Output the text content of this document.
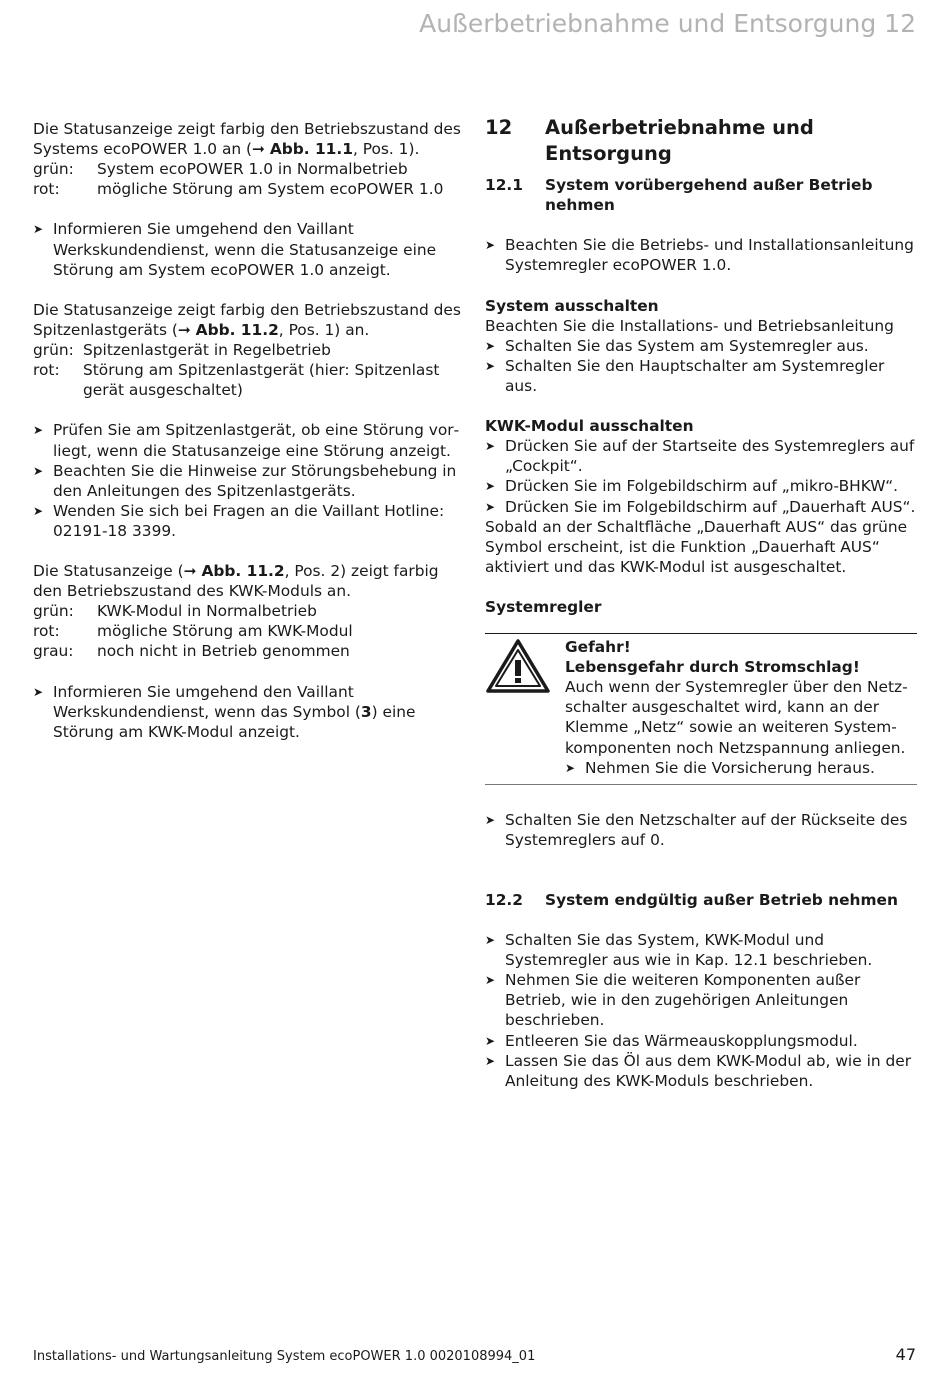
Außerbetriebnahme und Entsorgung 12

Die Statusanzeige zeigt farbig den Betriebszustand des Systems ecoPOWER 1.0 an (➞ Abb. 11.1, Pos. 1).

grün:	System ecoPOWER 1.0 in Normalbetrieb
rot:	mögliche Störung am System ecoPOWER 1.0
➤ Informieren Sie umgehend den Vaillant Werkskundendienst, wenn die Statusanzeige eine Störung am System ecoPOWER 1.0 anzeigt.

Die Statusanzeige zeigt farbig den Betriebszustand des Spitzenlastgeräts (➞ Abb. 11.2, Pos. 1) an.

grün: Spitzenlastgerät in Regelbetrieb
rot:	Störung am Spitzenlastgerät (hier: Spitzenlast gerät ausgeschaltet)
➤ Prüfen Sie am Spitzenlastgerät, ob eine Störung vorliegt, wenn die Statusanzeige eine Störung anzeigt.
➤ Beachten Sie die Hinweise zur Störungsbehebung in den Anleitungen des Spitzenlastgeräts.
➤ Wenden Sie sich bei Fragen an die Vaillant Hotline: 02191-18 3399.

Die Statusanzeige (➞ Abb. 11.2, Pos. 2) zeigt farbig den Betriebszustand des KWK-Moduls an.

grün:	KWK-Modul in Normalbetrieb
rot:	mögliche Störung am KWK-Modul
grau:	noch nicht in Betrieb genommen
➤ Informieren Sie umgehend den Vaillant Werkskundendienst, wenn das Symbol (3) eine Störung am KWK-Modul anzeigt.
12	Außerbetriebnahme und Entsorgung
12.1	System vorübergehend außer Betrieb nehmen
➤ Beachten Sie die Betriebs- und Installationsanleitung Systemregler ecoPOWER 1.0.

System ausschalten

Beachten Sie die Installations- und Betriebsanleitung

➤ Schalten Sie das System am Systemregler aus.
➤ Schalten Sie den Hauptschalter am Systemregler aus.

KWK-Modul ausschalten

➤ Drücken Sie auf der Startseite des Systemreglers auf „Cockpit“.
➤ Drücken Sie im Folgebildschirm auf „mikro-BHKW“.
➤ Drücken Sie im Folgebildschirm auf „Dauerhaft AUS“.

Sobald an der Schaltfläche „Dauerhaft AUS“ das grüne Symbol erscheint, ist die Funktion „Dauerhaft AUS“ aktiviert und das KWK-Modul ist ausgeschaltet.

Systemregler

Gefahr!

Lebensgefahr durch Stromschlag!

Auch wenn der Systemregler über den Netzschalter ausgeschaltet wird, kann an der Klemme „Netz“ sowie an weiteren Systemkomponenten noch Netzspannung anliegen.

➤ Nehmen Sie die Vorsicherung heraus.
➤ Schalten Sie den Netzschalter auf der Rückseite des Systemreglers auf 0.
12.2	System endgültig außer Betrieb nehmen
➤ Schalten Sie das System, KWK-Modul und Systemregler aus wie in Kap. 12.1 beschrieben.
➤ Nehmen Sie die weiteren Komponenten außer Betrieb, wie in den zugehörigen Anleitungen beschrieben.
➤ Entleeren Sie das Wärmeauskopplungsmodul.
➤ Lassen Sie das Öl aus dem KWK-Modul ab, wie in der Anleitung des KWK-Moduls beschrieben.
Installations- und Wartungsanleitung System ecoPOWER 1.0 0020108994_01	47
